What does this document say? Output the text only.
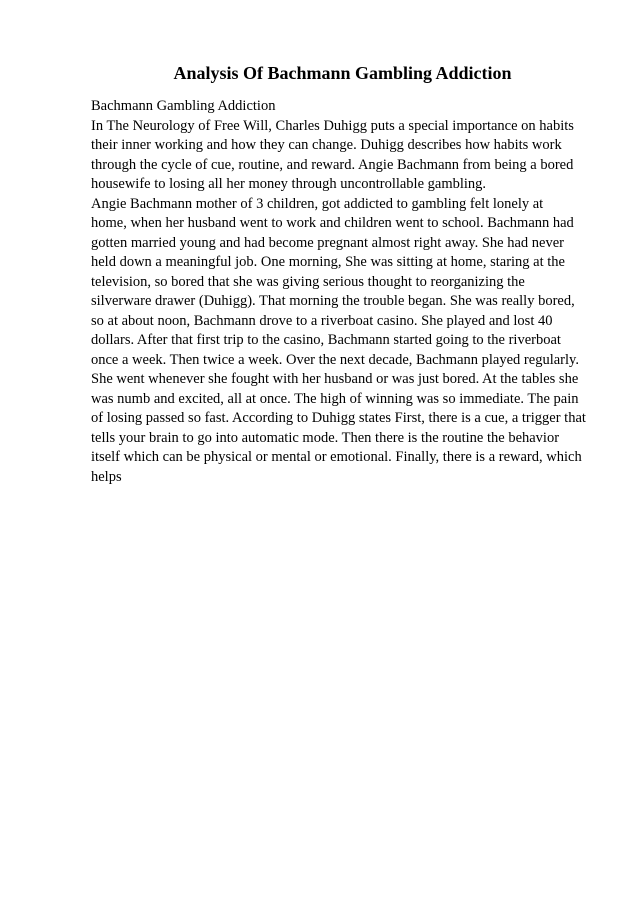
Analysis Of Bachmann Gambling Addiction
Bachmann Gambling Addiction
In The Neurology of Free Will, Charles Duhigg puts a special importance on habits
their inner working and how they can change. Duhigg describes how habits work
through the cycle of cue, routine, and reward. Angie Bachmann from being a bored
housewife to losing all her money through uncontrollable gambling.
Angie Bachmann mother of 3 children, got addicted to gambling felt lonely at
home, when her husband went to work and children went to school. Bachmann had
gotten married young and had become pregnant almost right away. She had never
held down a meaningful job. One morning, She was sitting at home, staring at the
television, so bored that she was giving serious thought to reorganizing the
silverware drawer (Duhigg). That morning the trouble began. She was really bored,
so at about noon, Bachmann drove to a riverboat casino. She played and lost 40
dollars. After that first trip to the casino, Bachmann started going to the riverboat
once a week. Then twice a week. Over the next decade, Bachmann played regularly.
She went whenever she fought with her husband or was just bored. At the tables she
was numb and excited, all at once. The high of winning was so immediate. The pain
of losing passed so fast. According to Duhigg states First, there is a cue, a trigger that
tells your brain to go into automatic mode. Then there is the routine the behavior
itself which can be physical or mental or emotional. Finally, there is a reward, which
helps
